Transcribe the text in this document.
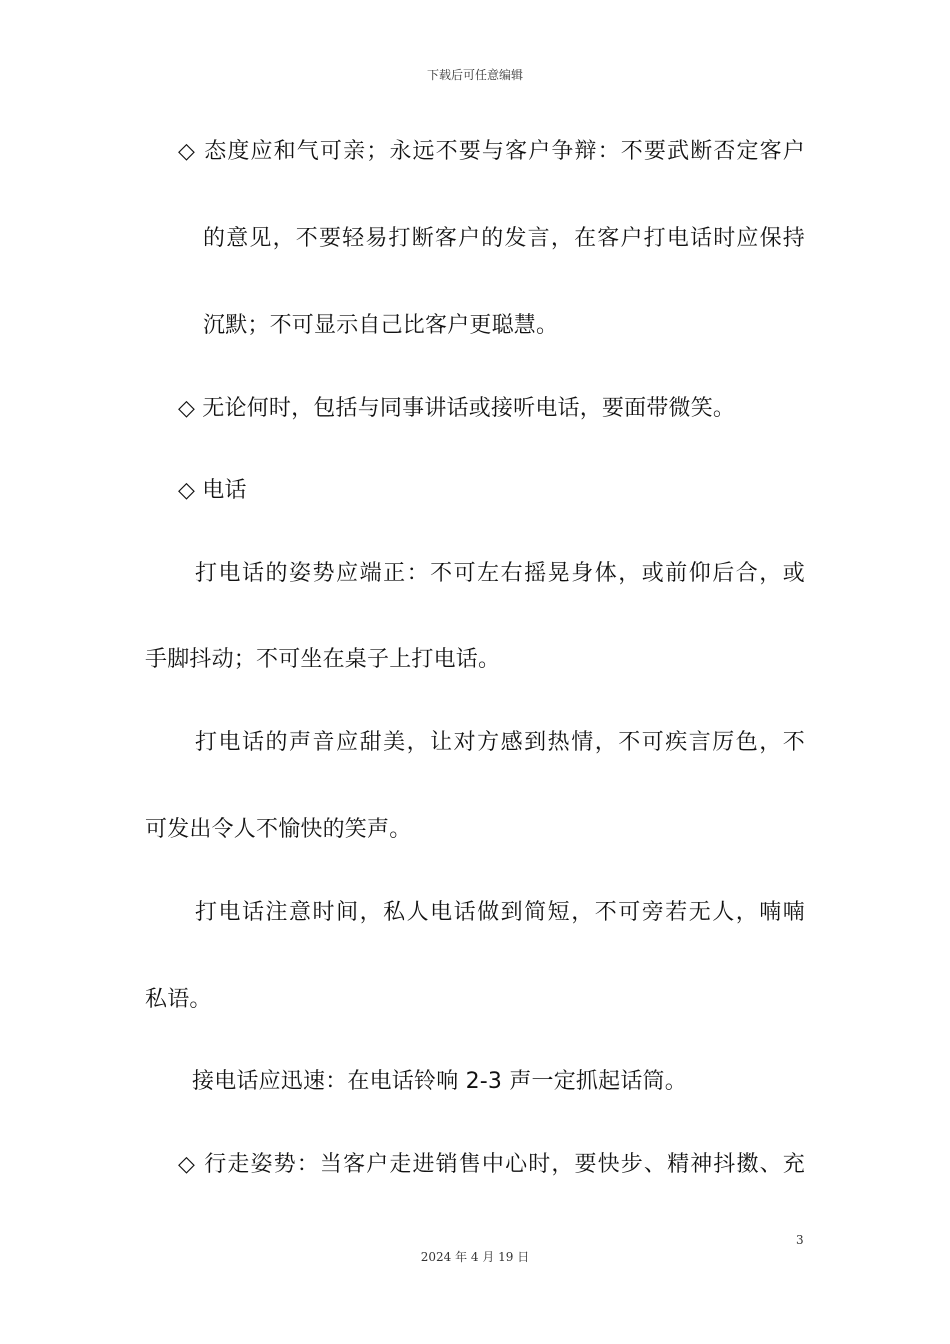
下载后可任意编辑
◇ 态度应和气可亲；永远不要与客户争辩：不要武断否定客户
的意见，不要轻易打断客户的发言，在客户打电话时应保持
沉默；不可显示自己比客户更聪慧。
◇ 无论何时，包括与同事讲话或接听电话，要面带微笑。
◇ 电话
打电话的姿势应端正：不可左右摇晃身体，或前仰后合，或
手脚抖动；不可坐在桌子上打电话。
打电话的声音应甜美，让对方感到热情，不可疾言厉色，不
可发出令人不愉快的笑声。
打电话注意时间，私人电话做到简短，不可旁若无人，喃喃
私语。
接电话应迅速：在电话铃响 2-3 声一定抓起话筒。
◇ 行走姿势：当客户走进销售中心时，要快步、精神抖擞、充
3
2024 年 4 月 19 日
